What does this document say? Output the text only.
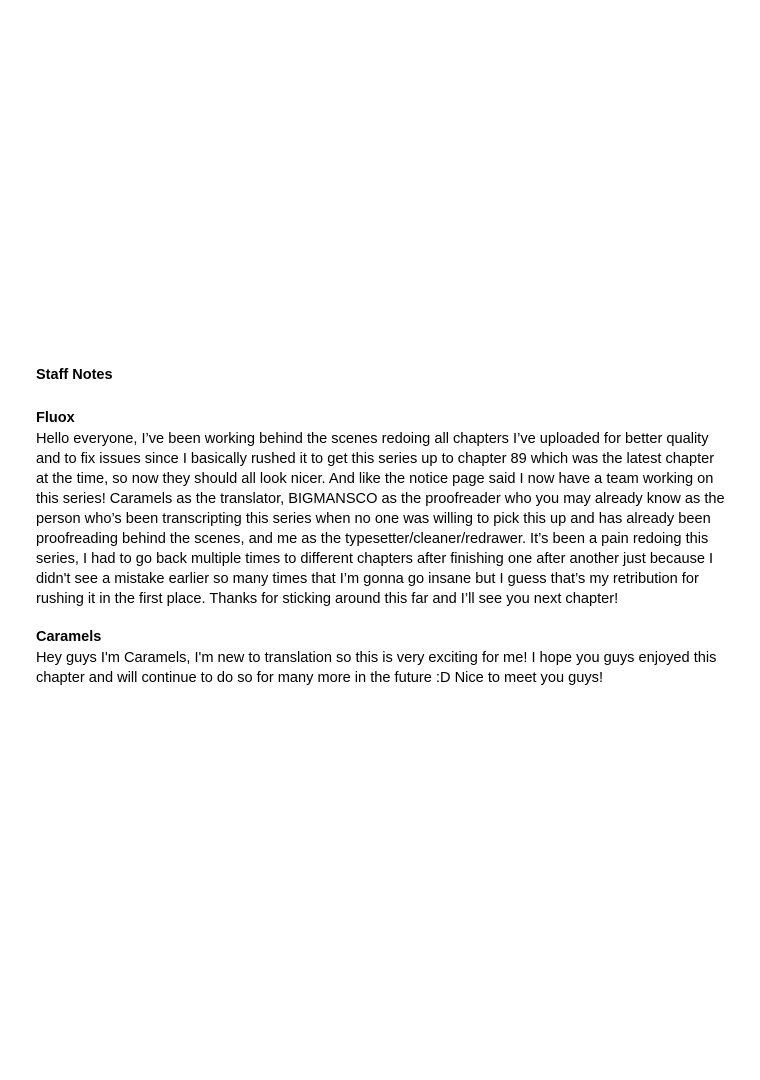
Staff Notes

Fluox

Hello everyone, I’ve been working behind the scenes redoing all chapters I’ve uploaded for better quality and to fix issues since I basically rushed it to get this series up to chapter 89 which was the latest chapter at the time, so now they should all look nicer. And like the notice page said I now have a team working on this series! Caramels as the translator, BIGMANSCO as the proofreader who you may already know as the person who’s been transcripting this series when no one was willing to pick this up and has already been proofreading behind the scenes, and me as the typesetter/cleaner/redrawer. It’s been a pain redoing this series, I had to go back multiple times to different chapters after finishing one after another just because I didn't see a mistake earlier so many times that I’m gonna go insane but I guess that’s my retribution for rushing it in the first place. Thanks for sticking around this far and I’ll see you next chapter!

Caramels

Hey guys I'm Caramels, I'm new to translation so this is very exciting for me! I hope you guys enjoyed this chapter and will continue to do so for many more in the future :D Nice to meet you guys!
